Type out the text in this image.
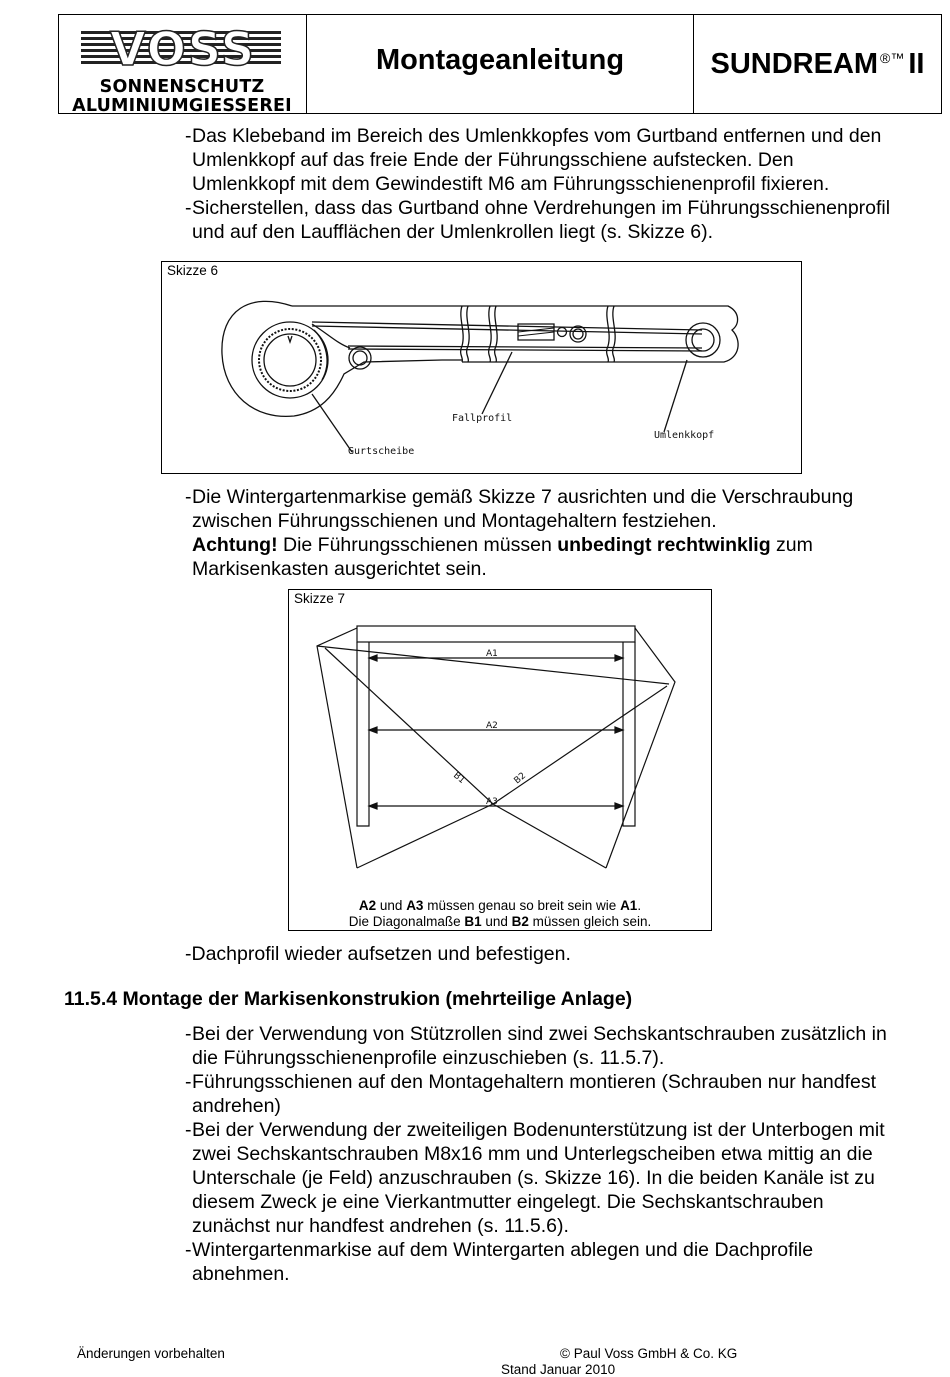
VOSS
SONNENSCHUTZ
ALUMINIUMGIESSEREI
Montageanleitung	SUNDREAM®™ II
- Das Klebeband im Bereich des Umlenkkopfes vom Gurtband entfernen und den
Umlenkkopf auf das freie Ende der Führungsschiene aufstecken. Den
Umlenkkopf mit dem Gewindestift M6 am Führungsschienenprofil fixieren.
- Sicherstellen, dass das Gurtband ohne Verdrehungen im Führungsschienenprofil
und auf den Laufflächen der Umlenkrollen liegt (s. Skizze 6).
Skizze 6
Fallprofil
Umlenkkopf
Gurtscheibe
- Die Wintergartenmarkise gemäß Skizze 7 ausrichten und die Verschraubung
zwischen Führungsschienen und Montagehaltern festziehen.
Achtung! Die Führungsschienen müssen unbedingt rechtwinklig zum
Markisenkasten ausgerichtet sein.
Skizze 7
A1
A2
A3
B1	B2
A2 und A3 müssen genau so breit sein wie A1.
Die Diagonalmaße B1 und B2 müssen gleich sein.
-Dachprofil wieder aufsetzen und befestigen.
11.5.4 Montage der Markisenkonstrukion (mehrteilige Anlage)
- Bei der Verwendung von Stützrollen sind zwei Sechskantschrauben zusätzlich in
die Führungsschienenprofile einzuschieben (s. 11.5.7).
- Führungsschienen auf den Montagehaltern montieren (Schrauben nur handfest
andrehen)
- Bei der Verwendung der zweiteiligen Bodenunterstützung ist der Unterbogen mit
zwei Sechskantschrauben M8x16 mm und Unterlegscheiben etwa mittig an die
Unterschale (je Feld) anzuschrauben (s. Skizze 16). In die beiden Kanäle ist zu
diesem Zweck je eine Vierkantmutter eingelegt. Die Sechskantschrauben
zunächst nur handfest andrehen (s. 11.5.6).
- Wintergartenmarkise auf dem Wintergarten ablegen und die Dachprofile
abnehmen.
Änderungen vorbehalten	© Paul Voss GmbH & Co. KG
Stand Januar 2010
